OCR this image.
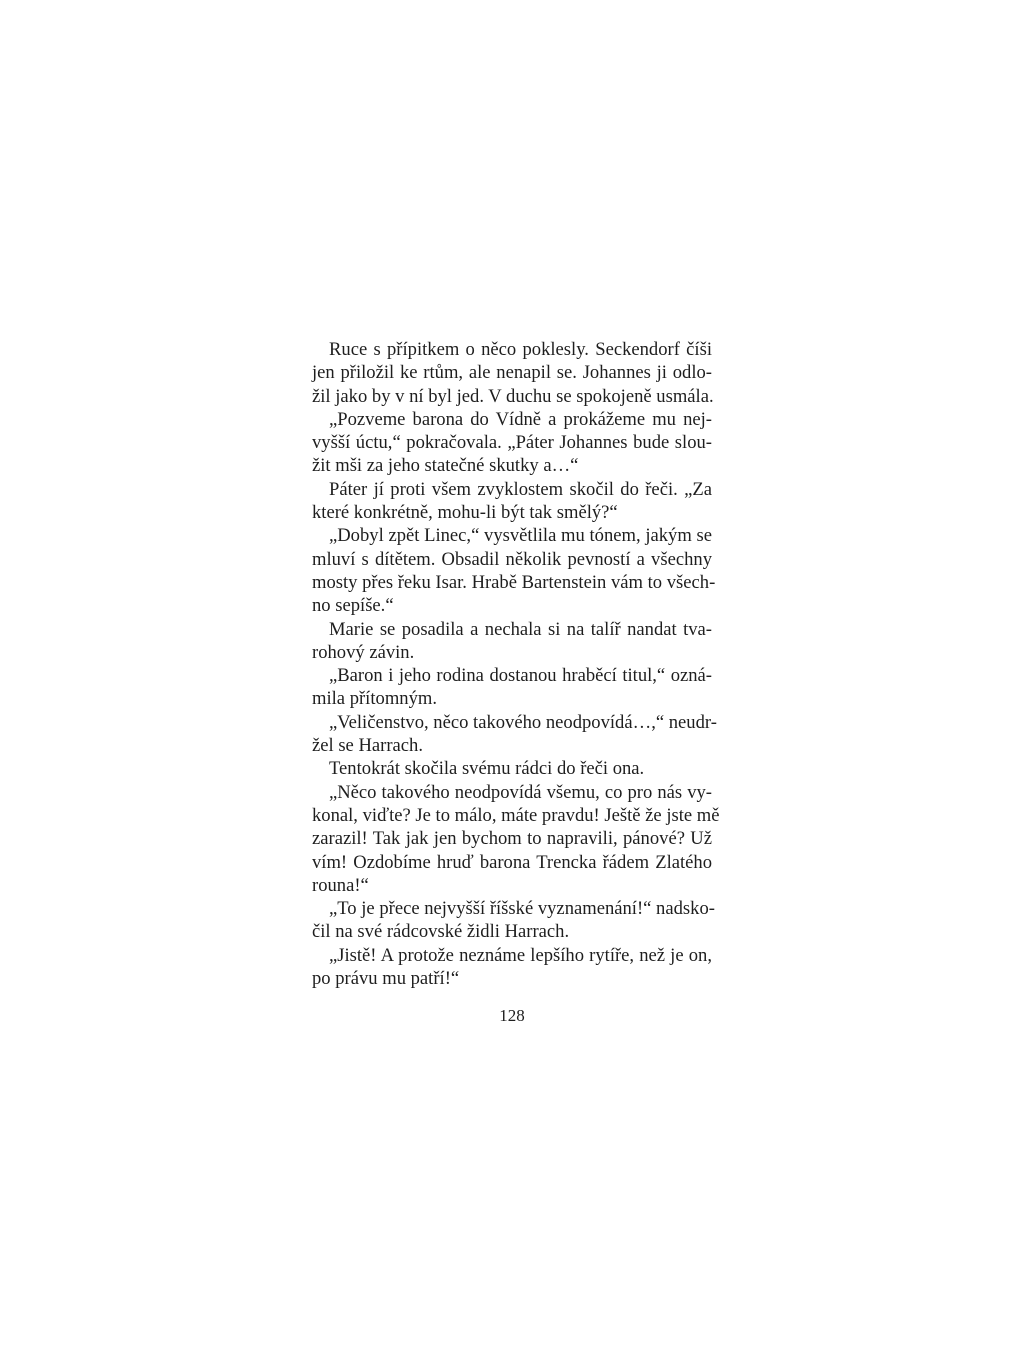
Ruce s přípitkem o něco poklesly. Seckendorf číši
jen přiložil ke rtům, ale nenapil se. Johannes ji odlo-
žil jako by v ní byl jed. V duchu se spokojeně usmála.
„Pozveme barona do Vídně a prokážeme mu nej-
vyšší úctu,“ pokračovala. „Páter Johannes bude slou-
žit mši za jeho statečné skutky a…“
Páter jí proti všem zvyklostem skočil do řeči. „Za
které konkrétně, mohu-li být tak smělý?“
„Dobyl zpět Linec,“ vysvětlila mu tónem, jakým se
mluví s dítětem. Obsadil několik pevností a všechny
mosty přes řeku Isar. Hrabě Bartenstein vám to všech-
no sepíše.“
Marie se posadila a nechala si na talíř nandat tva-
rohový závin.
„Baron i jeho rodina dostanou hraběcí titul,“ ozná-
mila přítomným.
„Veličenstvo, něco takového neodpovídá…,“ neudr-
žel se Harrach.
Tentokrát skočila svému rádci do řeči ona.
„Něco takového neodpovídá všemu, co pro nás vy-
konal, viďte? Je to málo, máte pravdu! Ještě že jste mě
zarazil! Tak jak jen bychom to napravili, pánové? Už
vím! Ozdobíme hruď barona Trencka řádem Zlatého
rouna!“
„To je přece nejvyšší říšské vyznamenání!“ nadsko-
čil na své rádcovské židli Harrach.
„Jistě! A protože neznáme lepšího rytíře, než je on,
po právu mu patří!“
128
